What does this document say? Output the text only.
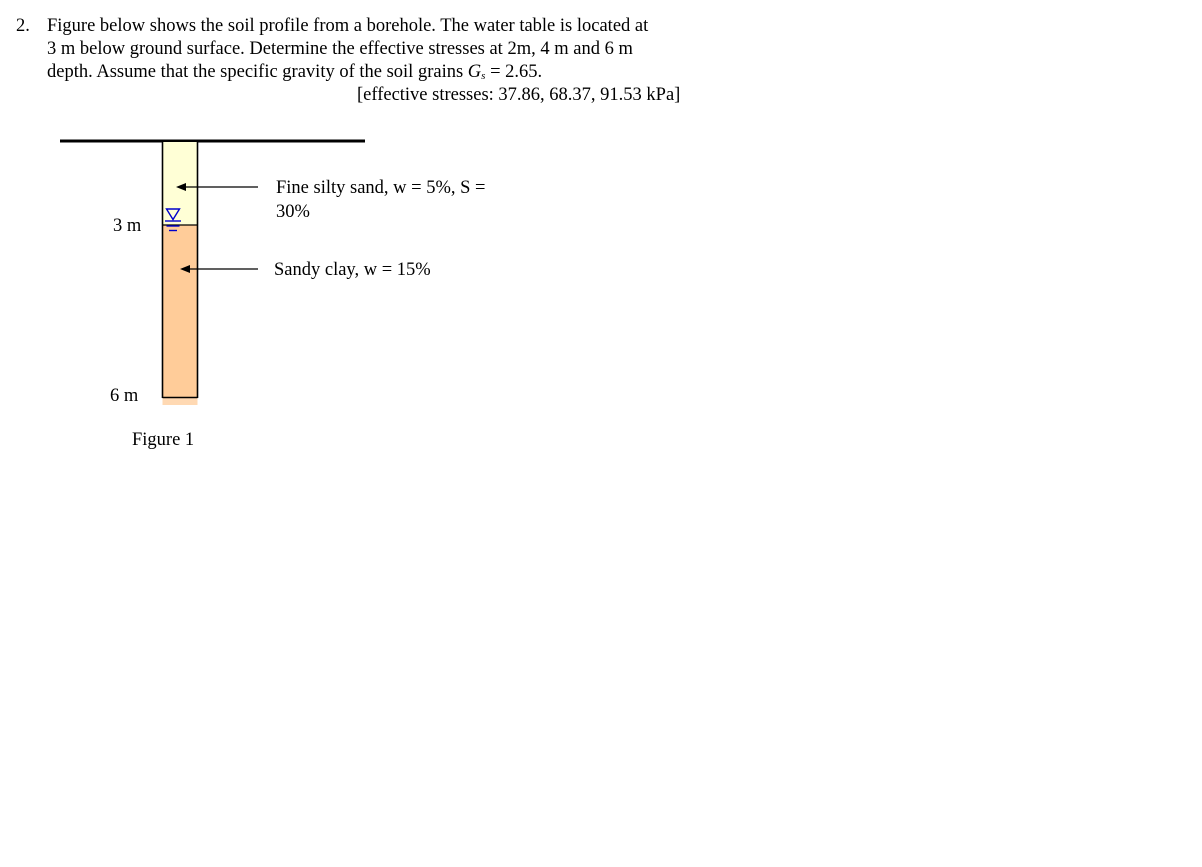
2. Figure below shows the soil profile from a borehole. The water table is located at
3 m below ground surface. Determine the effective stresses at 2m, 4 m and 6 m
depth. Assume that the specific gravity of the soil grains $G_s = 2.65$.
[effective stresses: 37.86, 68.37, 91.53 kPa]
3 m
6 m
Fine silty sand, w = 5%, S =
30%
Sandy clay, w = 15%
Figure 1
